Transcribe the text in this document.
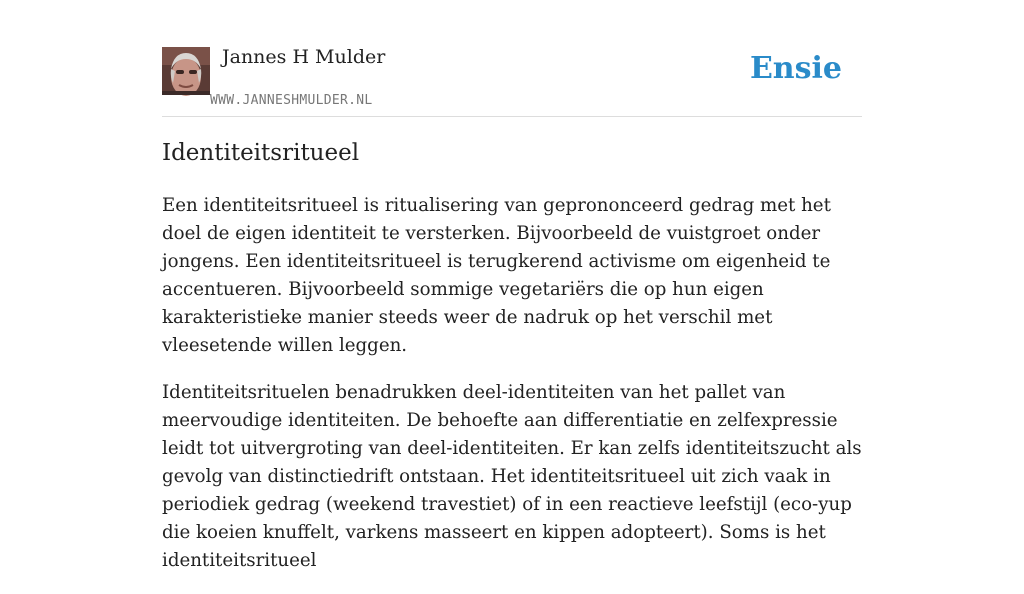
Jannes H Mulder
WWW.JANNESHMULDER.NL
Ensie
Identiteitsritueel

Een identiteitsritueel is ritualisering van geprononceerd gedrag met het doel de eigen identiteit te versterken. Bijvoorbeeld de vuistgroet onder jongens. Een identiteitsritueel is terugkerend activisme om eigenheid te accentueren. Bijvoorbeeld sommige vegetariërs die op hun eigen karakteristieke manier steeds weer de nadruk op het verschil met vleesetende willen leggen.

Identiteitsrituelen benadrukken deel-identiteiten van het pallet van meervoudige identiteiten. De behoefte aan differentiatie en zelfexpressie leidt tot uitvergroting van deel-identiteiten. Er kan zelfs identiteitszucht als gevolg van distinctiedrift ontstaan. Het identiteitsritueel uit zich vaak in periodiek gedrag (weekend travestiet) of in een reactieve leefstijl (eco-yup die koeien knuffelt, varkens masseert en kippen adopteert). Soms is het identiteitsritueel
